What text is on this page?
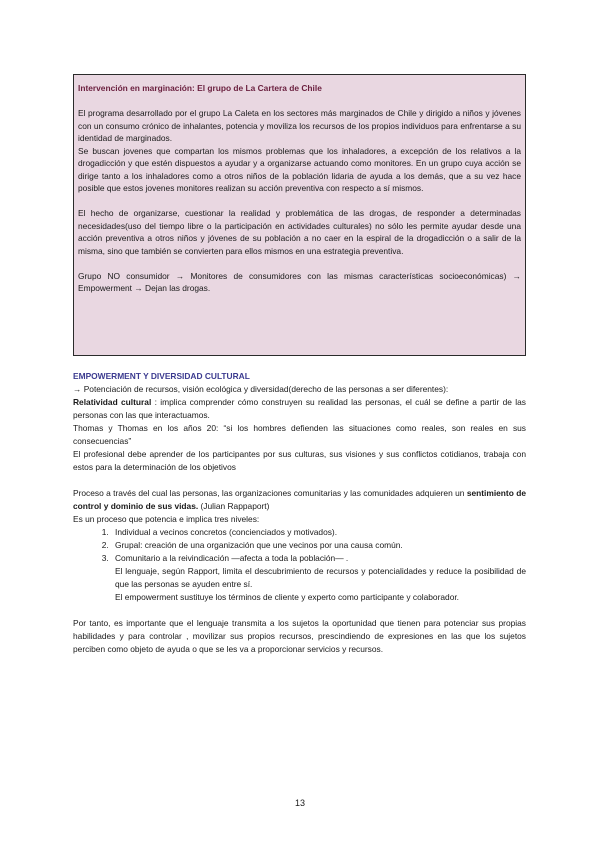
Intervención en marginación: El grupo de La Cartera de Chile

El programa desarrollado por el grupo La Caleta en los sectores más marginados de Chile y dirigido a niños y jóvenes con un consumo crónico de inhalantes, potencia y moviliza los recursos de los propios individuos para enfrentarse a su identidad de marginados.

Se buscan jovenes que compartan los mismos problemas que los inhaladores, a excepción de los relativos a la drogadicción y que estén dispuestos a ayudar y a organizarse actuando como monitores. En un grupo cuya acción se dirige tanto a los inhaladores como a otros niños de la población lidaria de ayuda a los demás, que a su vez hace posible que estos jovenes monitores realizan su acción preventiva con respecto a sí mismos.

El hecho de organizarse, cuestionar la realidad y problemática de las drogas, de responder a determinadas necesidades(uso del tiempo libre o la participación en actividades culturales) no sólo les permite ayudar desde una acción preventiva a otros niños y jóvenes de su población a no caer en la espiral de la drogadicción o a salir de la misma, sino que también se convierten para ellos mismos en una estrategia preventiva.

Grupo NO consumidor → Monitores de consumidores con las mismas características socioeconómicas) → Empowerment → Dejan las drogas.

EMPOWERMENT Y DIVERSIDAD CULTURAL

→ Potenciación de recursos, visión ecológica y diversidad(derecho de las personas a ser diferentes):

Relatividad cultural : implica comprender cómo construyen su realidad las personas, el cuál se define a partir de las personas con las que interactuamos.

Thomas y Thomas en los años 20: “si los hombres defienden las situaciones como reales, son reales en sus consecuencias”

El profesional debe aprender de los participantes por sus culturas, sus visiones y sus conflictos cotidianos, trabaja con estos para la determinación de los objetivos

Proceso a través del cual las personas, las organizaciones comunitarias y las comunidades adquieren un sentimiento de control y dominio de sus vidas. (Julian Rappaport)

Es un proceso que potencia e implica tres niveles:

1. Individual a vecinos concretos (concienciados y motivados).
2. Grupal: creación de una organización que une vecinos por una causa común.
3. Comunitario a la reivindicación —afecta a toda la población— .

El lenguaje, según Rapport, limita el descubrimiento de recursos y potencialidades y reduce la posibilidad de que las personas se ayuden entre sí.

El empowerment sustituye los términos de cliente y experto como participante y colaborador.

Por tanto, es importante que el lenguaje transmita a los sujetos la oportunidad que tienen para potenciar sus propias habilidades y para controlar , movilizar sus propios recursos, prescindiendo de expresiones en las que los sujetos perciben como objeto de ayuda o que se les va a proporcionar servicios y recursos.

13
